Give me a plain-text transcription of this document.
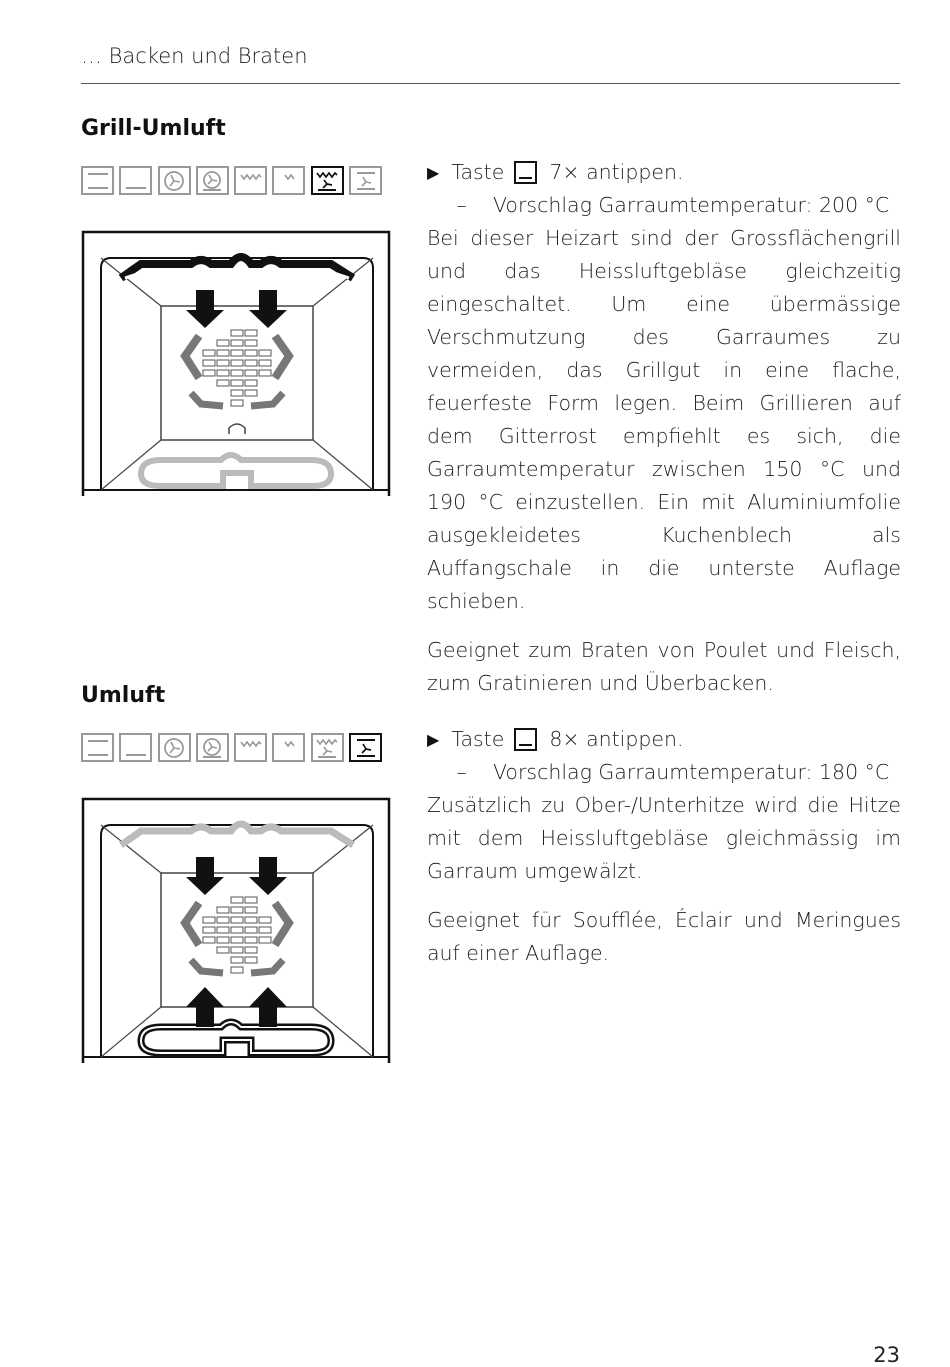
… Backen und Braten
Grill-Umluft
▶ Taste 7× antippen.
– Vorschlag Garraumtemperatur: 200 °C

Bei dieser Heizart sind der Grossflächengrill und das Heissluftgebläse gleichzeitig eingeschaltet. Um eine übermässige Verschmutzung des Garraumes zu vermeiden, das Grillgut in eine flache, feuerfeste Form legen. Beim Grillieren auf dem Gitterrost empfiehlt es sich, die Garraumtemperatur zwischen 150 °C und 190 °C einzustellen. Ein mit Aluminiumfolie ausgekleidetes Kuchenblech als Auffangschale in die unterste Auflage schieben.

Geeignet zum Braten von Poulet und Fleisch, zum Gratinieren und Überbacken.

Umluft
▶ Taste 8× antippen.
– Vorschlag Garraumtemperatur: 180 °C

Zusätzlich zu Ober-/Unterhitze wird die Hitze mit dem Heissluftgebläse gleichmässig im Garraum umgewälzt.

Geeignet für Soufflée, Éclair und Meringues auf einer Auflage.

23
